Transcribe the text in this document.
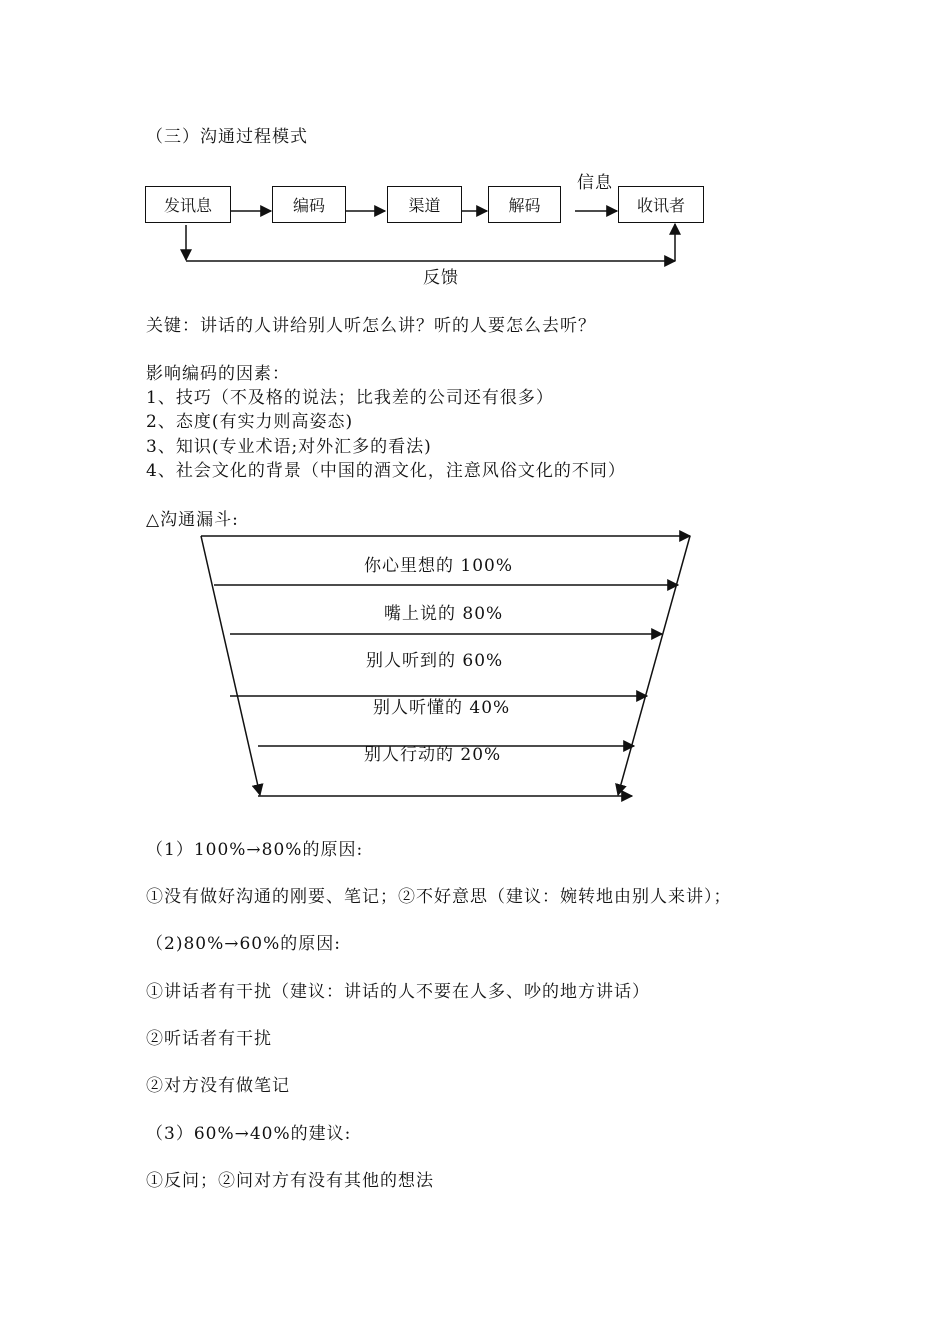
（三）沟通过程模式
发讯息	编码	渠道	解码	收讯者
信息
反馈
关键：讲话的人讲给别人听怎么讲？听的人要怎么去听？
影响编码的因素：
1、技巧（不及格的说法；比我差的公司还有很多）
2、态度(有实力则高姿态)
3、知识(专业术语;对外汇多的看法)
4、社会文化的背景（中国的酒文化，注意风俗文化的不同）
△沟通漏斗:
你心里想的 100%
嘴上说的 80%
别人听到的 60%
别人听懂的 40%
别人行动的 20%
（1）100%→80%的原因:
①没有做好沟通的刚要、笔记；②不好意思（建议：婉转地由别人来讲）；
（2)80%→60%的原因:
①讲话者有干扰（建议：讲话的人不要在人多、吵的地方讲话）
②听话者有干扰
②对方没有做笔记
（3）60%→40%的建议:
①反问；②问对方有没有其他的想法
